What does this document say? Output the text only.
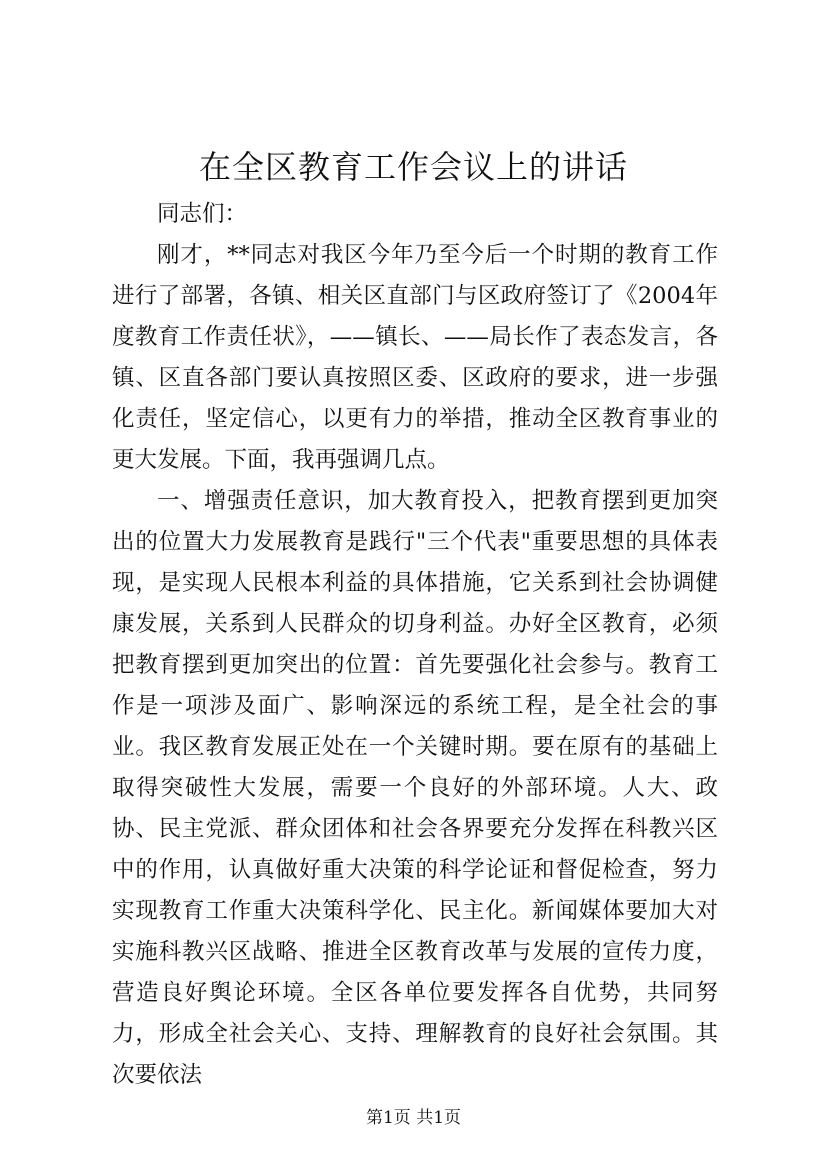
在全区教育工作会议上的讲话

同志们：

刚才，**同志对我区今年乃至今后一个时期的教育工作进行了部署，各镇、相关区直部门与区政府签订了《2004年度教育工作责任状》，——镇长、——局长作了表态发言，各镇、区直各部门要认真按照区委、区政府的要求，进一步强化责任，坚定信心，以更有力的举措，推动全区教育事业的更大发展。下面，我再强调几点。

一、增强责任意识，加大教育投入，把教育摆到更加突出的位置大力发展教育是践行"三个代表"重要思想的具体表现，是实现人民根本利益的具体措施，它关系到社会协调健康发展，关系到人民群众的切身利益。办好全区教育，必须把教育摆到更加突出的位置：首先要强化社会参与。教育工作是一项涉及面广、影响深远的系统工程，是全社会的事业。我区教育发展正处在一个关键时期。要在原有的基础上取得突破性大发展，需要一个良好的外部环境。人大、政协、民主党派、群众团体和社会各界要充分发挥在科教兴区中的作用，认真做好重大决策的科学论证和督促检查，努力实现教育工作重大决策科学化、民主化。新闻媒体要加大对实施科教兴区战略、推进全区教育改革与发展的宣传力度，营造良好舆论环境。全区各单位要发挥各自优势，共同努力，形成全社会关心、支持、理解教育的良好社会氛围。其次要依法

第1页 共1页
